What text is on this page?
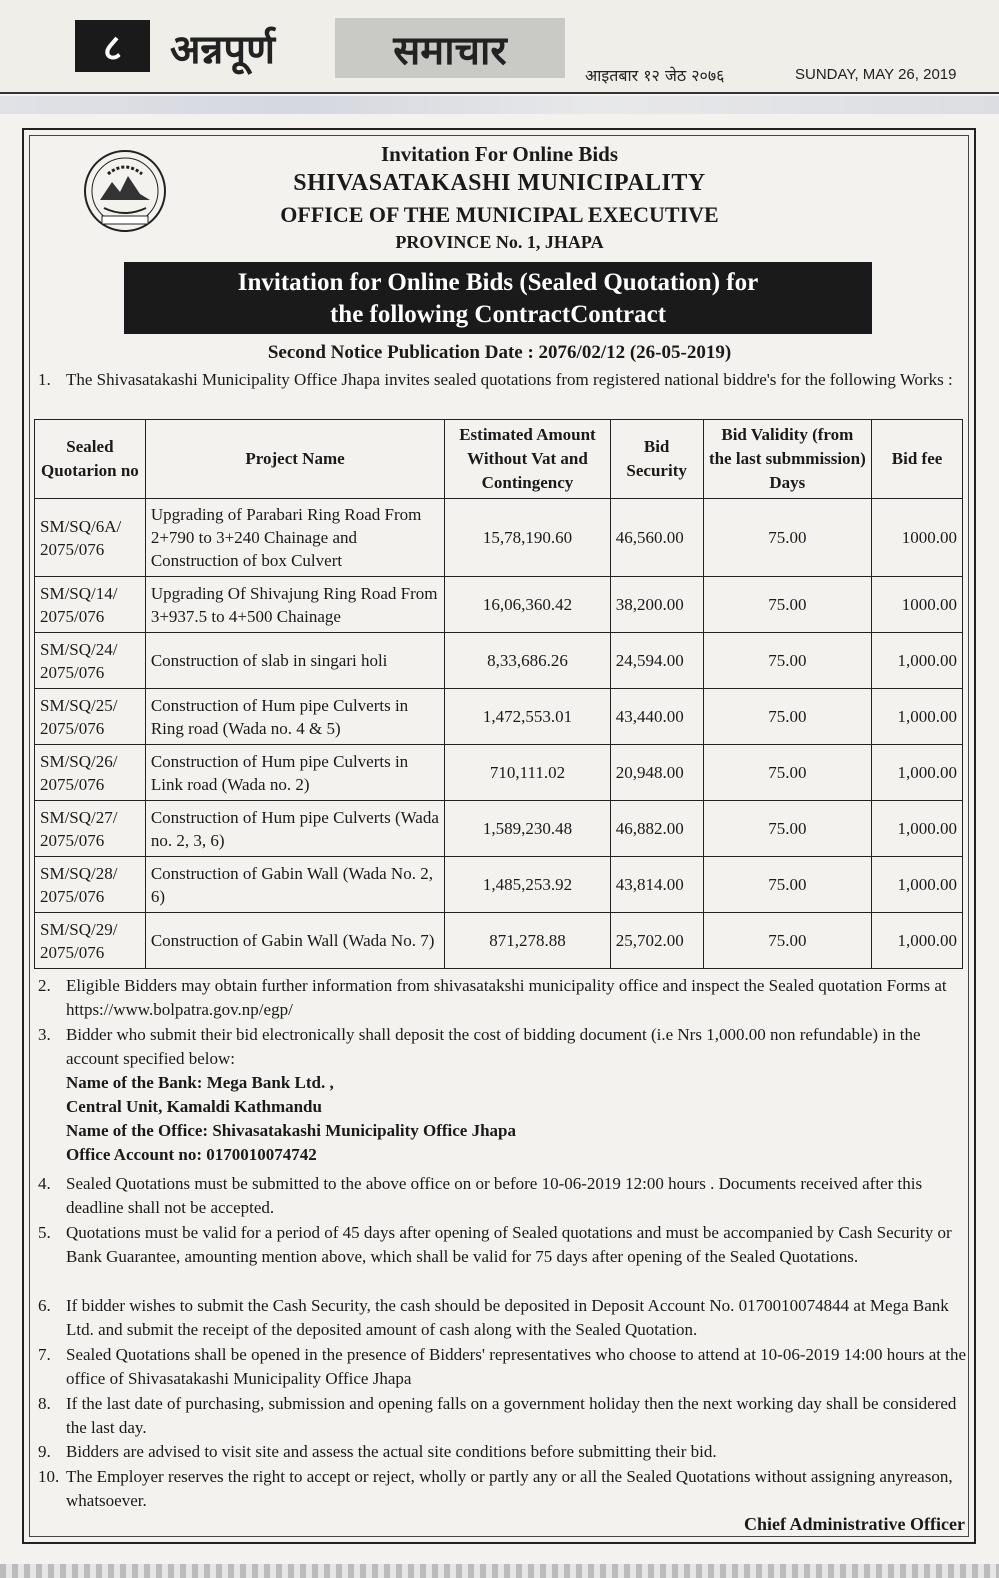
८	अन्नपूर्ण	समाचार
आइतबार १२ जेठ २०७६	SUNDAY, MAY 26, 2019
Invitation For Online Bids
SHIVASATAKASHI MUNICIPALITY
OFFICE OF THE MUNICIPAL EXECUTIVE
PROVINCE No. 1, JHAPA
Invitation for Online Bids (Sealed Quotation) for
the following ContractContract
Second Notice Publication Date : 2076/02/12 (26-05-2019)
1. The Shivasatakashi Municipality Office Jhapa invites sealed quotations from registered national biddre's for the following Works :
Sealed Quotarion no	Project Name	Estimated Amount Without Vat and Contingency	Bid Security	Bid Validity (from the last submmission) Days	Bid fee
SM/SQ/6A/ 2075/076	Upgrading of Parabari Ring Road From 2+790 to 3+240 Chainage and Construction of box Culvert	15,78,190.60	46,560.00	75.00	1000.00
SM/SQ/14/ 2075/076	Upgrading Of Shivajung Ring Road From 3+937.5 to 4+500 Chainage	16,06,360.42	38,200.00	75.00	1000.00
SM/SQ/24/ 2075/076	Construction of slab in singari holi	8,33,686.26	24,594.00	75.00	1,000.00
SM/SQ/25/ 2075/076	Construction of Hum pipe Culverts in Ring road (Wada no. 4 & 5)	1,472,553.01	43,440.00	75.00	1,000.00
SM/SQ/26/ 2075/076	Construction of Hum pipe Culverts in Link road (Wada no. 2)	710,111.02	20,948.00	75.00	1,000.00
SM/SQ/27/ 2075/076	Construction of Hum pipe Culverts (Wada no. 2, 3, 6)	1,589,230.48	46,882.00	75.00	1,000.00
SM/SQ/28/ 2075/076	Construction of Gabin Wall (Wada No. 2, 6)	1,485,253.92	43,814.00	75.00	1,000.00
SM/SQ/29/ 2075/076	Construction of Gabin Wall (Wada No. 7)	871,278.88	25,702.00	75.00	1,000.00
2. Eligible Bidders may obtain further information from shivasatakshi municipality office and inspect the Sealed quotation Forms at https://www.bolpatra.gov.np/egp/
3. Bidder who submit their bid electronically shall deposit the cost of bidding document (i.e Nrs 1,000.00 non refundable) in the account specified below:
Name of the Bank: Mega Bank Ltd. ,
Central Unit, Kamaldi Kathmandu
Name of the Office: Shivasatakashi Municipality Office Jhapa
Office Account no: 0170010074742
4. Sealed Quotations must be submitted to the above office on or before 10-06-2019 12:00 hours . Documents received after this deadline shall not be accepted.
5. Quotations must be valid for a period of 45 days after opening of Sealed quotations and must be accompanied by Cash Security or Bank Guarantee, amounting mention above, which shall be valid for 75 days after opening of the Sealed Quotations.
6. If bidder wishes to submit the Cash Security, the cash should be deposited in Deposit Account No. 0170010074844 at Mega Bank Ltd. and submit the receipt of the deposited amount of cash along with the Sealed Quotation.
7. Sealed Quotations shall be opened in the presence of Bidders' representatives who choose to attend at 10-06-2019 14:00 hours at the office of Shivasatakashi Municipality Office Jhapa
8. If the last date of purchasing, submission and opening falls on a government holiday then the next working day shall be considered the last day.
9. Bidders are advised to visit site and assess the actual site conditions before submitting their bid.
10. The Employer reserves the right to accept or reject, wholly or partly any or all the Sealed Quotations without assigning anyreason, whatsoever.
Chief Administrative Officer
